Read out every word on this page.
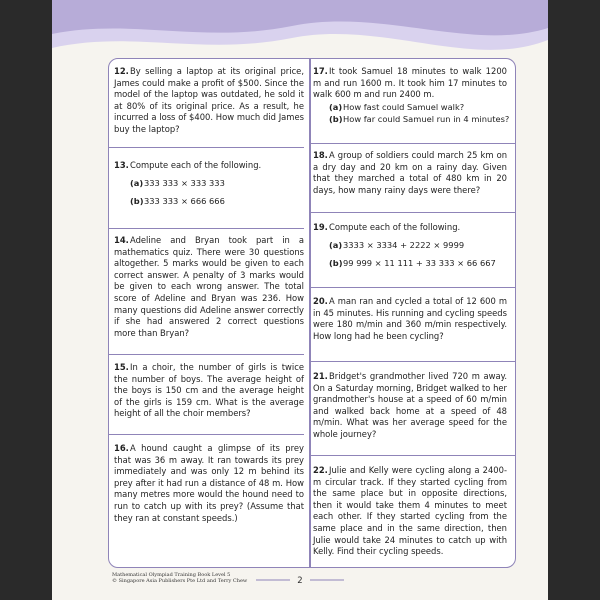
12.By selling a laptop at its original price, James could make a profit of $500. Since the model of the laptop was outdated, he sold it at 80% of its original price. As a result, he incurred a loss of $400. How much did James buy the laptop?
13.Compute each of the following.
(a)333 333 × 333 333
(b)333 333 × 666 666
14.Adeline and Bryan took part in a mathematics quiz. There were 30 questions altogether. 5 marks would be given to each correct answer. A penalty of 3 marks would be given to each wrong answer. The total score of Adeline and Bryan was 236. How many questions did Adeline answer correctly if she had answered 2 correct questions more than Bryan?
15.In a choir, the number of girls is twice the number of boys. The average height of the boys is 150 cm and the average height of the girls is 159 cm. What is the average height of all the choir members?
16.A hound caught a glimpse of its prey that was 36 m away. It ran towards its prey immediately and was only 12 m behind its prey after it had run a distance of 48 m. How many metres more would the hound need to run to catch up with its prey? (Assume that they ran at constant speeds.)
17.It took Samuel 18 minutes to walk 1200 m and run 1600 m. It took him 17 minutes to walk 600 m and run 2400 m.
(a)How fast could Samuel walk?
(b)How far could Samuel run in 4 minutes?
18.A group of soldiers could march 25 km on a dry day and 20 km on a rainy day. Given that they marched a total of 480 km in 20 days, how many rainy days were there?
19.Compute each of the following.
(a)3333 × 3334 + 2222 × 9999
(b)99 999 × 11 111 + 33 333 × 66 667
20.A man ran and cycled a total of 12 600 m in 45 minutes. His running and cycling speeds were 180 m/min and 360 m/min respectively. How long had he been cycling?
21.Bridget's grandmother lived 720 m away. On a Saturday morning, Bridget walked to her grandmother's house at a speed of 60 m/min and walked back home at a speed of 48 m/min. What was her average speed for the whole journey?
22.Julie and Kelly were cycling along a 2400-m circular track. If they started cycling from the same place but in opposite directions, then it would take them 4 minutes to meet each other. If they started cycling from the same place and in the same direction, then Julie would take 24 minutes to catch up with Kelly. Find their cycling speeds.
Mathematical Olympiad Training Book Level 5
© Singapore Asia Publishers Pte Ltd and Terry Chew	2
